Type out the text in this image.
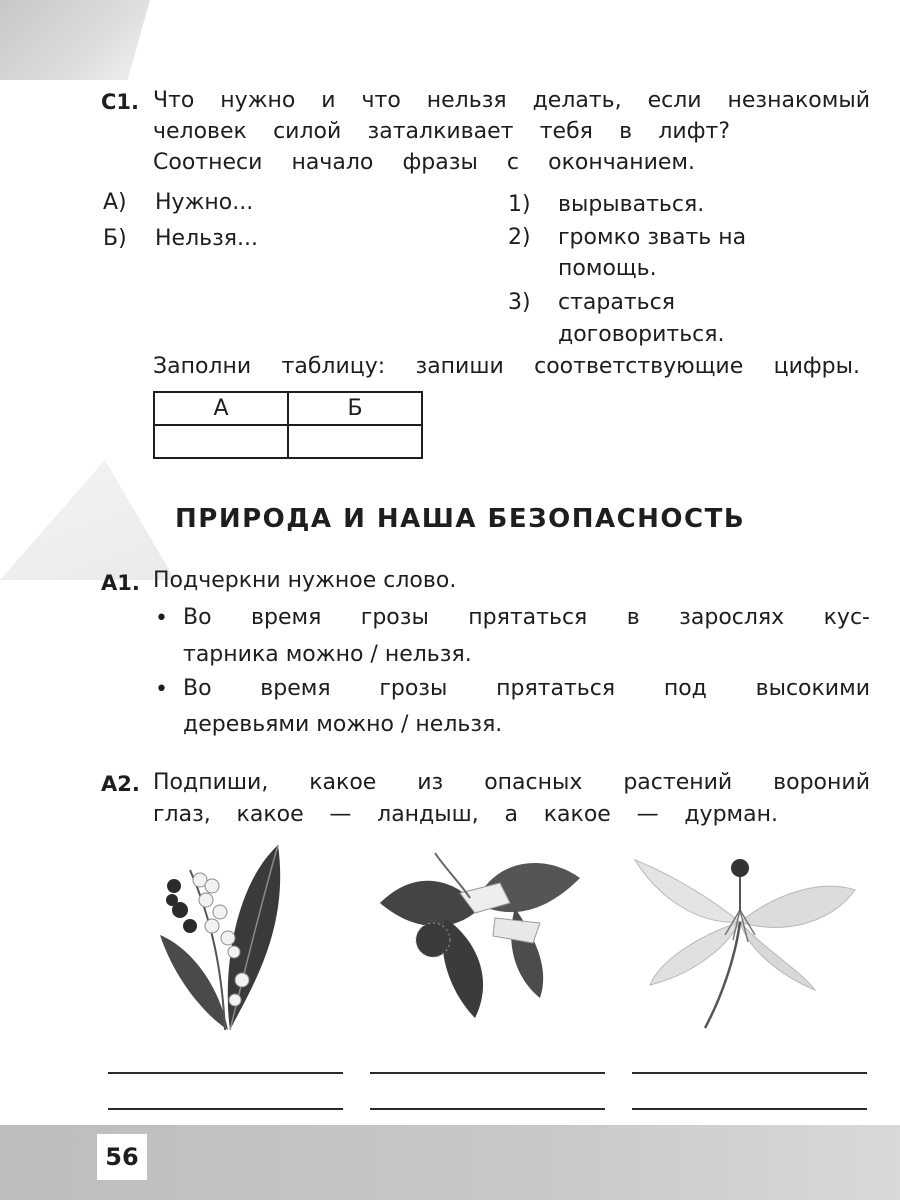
С1. Что нужно и что нельзя делать, если незнакомый
человек силой заталкивает тебя в лифт?
Соотнеси начало фразы с окончанием.
А) Нужно...
Б) Нельзя...
1) вырываться.
2) громко звать на
помощь.
3) стараться
договориться.
Заполни таблицу: запиши соответствующие цифры.
А	Б

ПРИРОДА И НАША БЕЗОПАСНОСТЬ
А1. Подчеркни нужное слово.
• Во время грозы прятаться в зарослях кус-
тарника можно / нельзя.
• Во время грозы прятаться под высокими
деревьями можно / нельзя.
А2. Подпиши, какое из опасных растений вороний
глаз, какое — ландыш, а какое — дурман.
56
